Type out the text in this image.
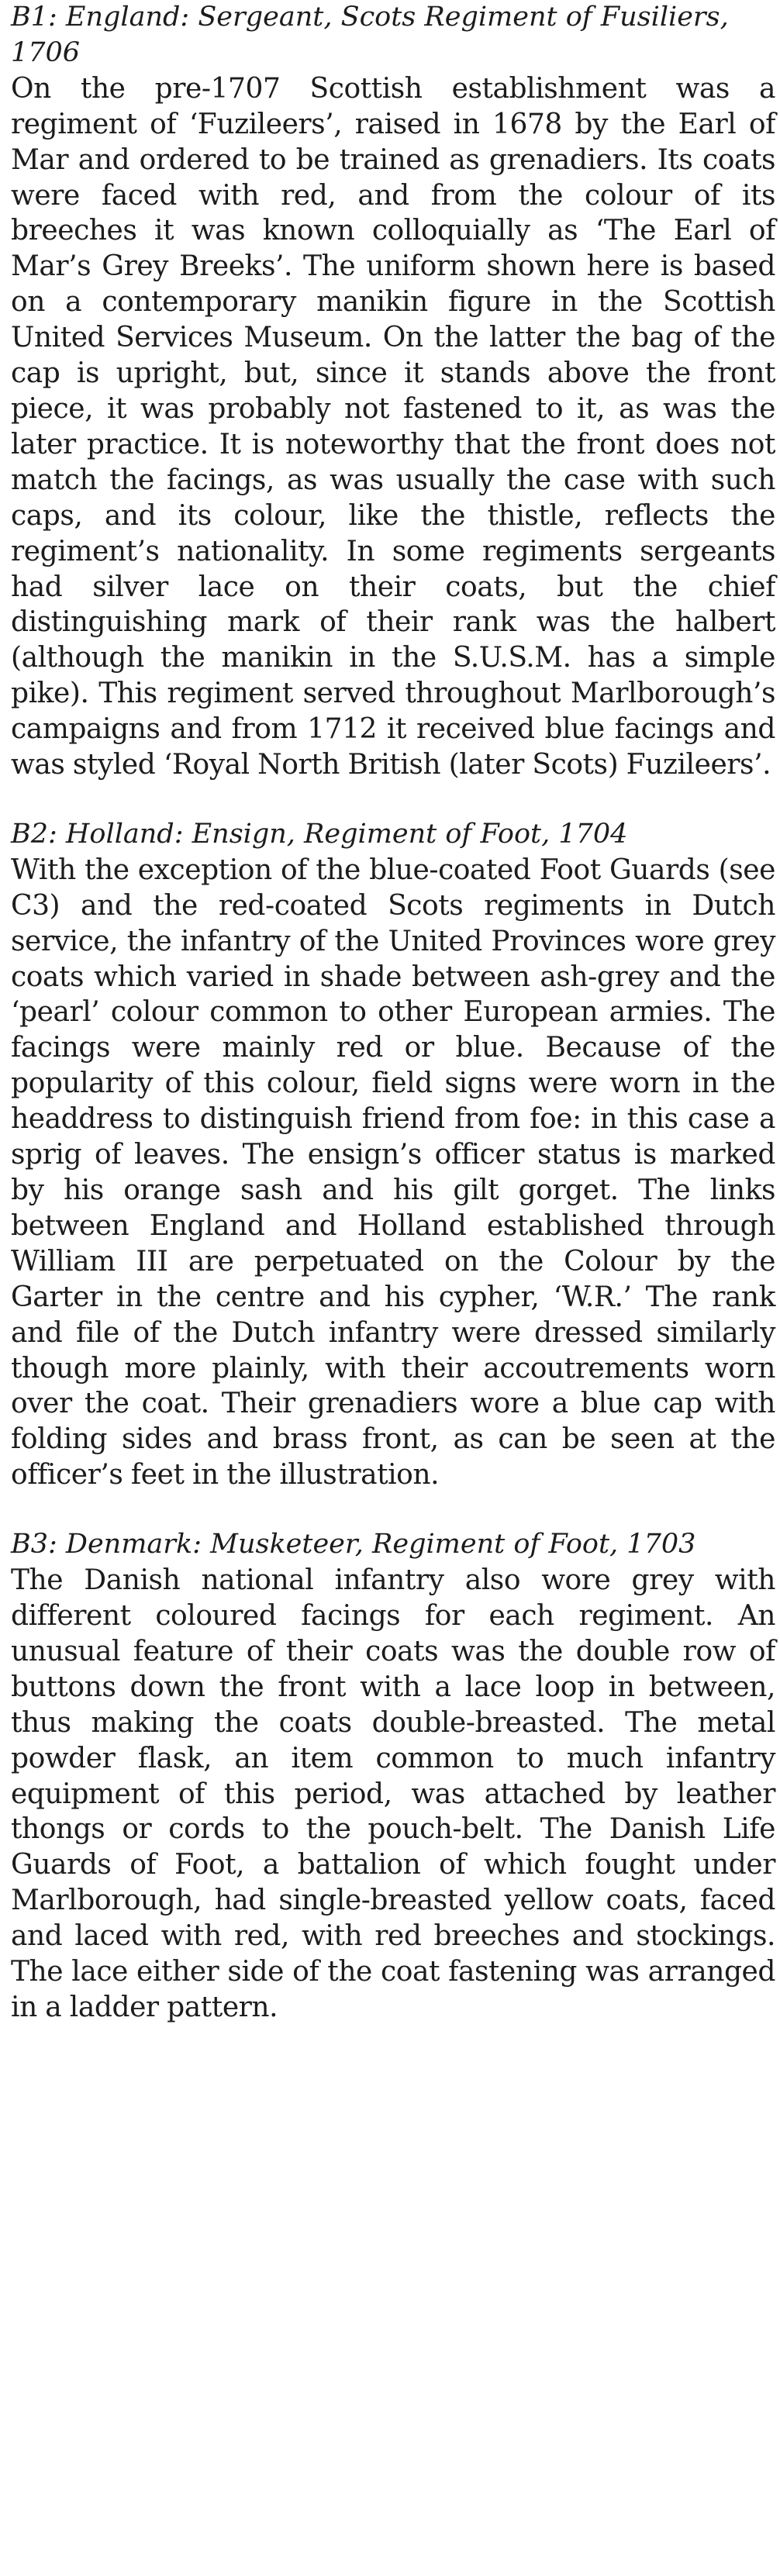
B1: England: Sergeant, Scots Regiment of Fusiliers, 1706

On the pre-1707 Scottish establishment was a regiment of ‘Fuzileers’, raised in 1678 by the Earl of Mar and ordered to be trained as grenadiers. Its coats were faced with red, and from the colour of its breeches it was known colloquially as ‘The Earl of Mar’s Grey Breeks’. The uniform shown here is based on a contemporary manikin figure in the Scottish United Services Museum. On the latter the bag of the cap is upright, but, since it stands above the front piece, it was probably not fastened to it, as was the later practice. It is noteworthy that the front does not match the facings, as was usually the case with such caps, and its colour, like the thistle, reflects the regiment’s nationality. In some regiments sergeants had silver lace on their coats, but the chief distinguishing mark of their rank was the halbert (although the manikin in the S.U.S.M. has a simple pike). This regiment served throughout Marlborough’s campaigns and from 1712 it received blue facings and was styled ‘Royal North British (later Scots) Fuzileers’.

B2: Holland: Ensign, Regiment of Foot, 1704

With the exception of the blue-coated Foot Guards (see C3) and the red-coated Scots regiments in Dutch service, the infantry of the United Provinces wore grey coats which varied in shade between ash-grey and the ‘pearl’ colour common to other European armies. The facings were mainly red or blue. Because of the popularity of this colour, field signs were worn in the headdress to distinguish friend from foe: in this case a sprig of leaves. The ensign’s officer status is marked by his orange sash and his gilt gorget. The links between England and Holland established through William III are perpetuated on the Colour by the Garter in the centre and his cypher, ‘W.R.’ The rank and file of the Dutch infantry were dressed similarly though more plainly, with their accoutrements worn over the coat. Their grenadiers wore a blue cap with folding sides and brass front, as can be seen at the officer’s feet in the illustration.

B3: Denmark: Musketeer, Regiment of Foot, 1703

The Danish national infantry also wore grey with different coloured facings for each regiment. An unusual feature of their coats was the double row of buttons down the front with a lace loop in between, thus making the coats double-breasted. The metal powder flask, an item common to much infantry equipment of this period, was attached by leather thongs or cords to the pouch-belt. The Danish Life Guards of Foot, a battalion of which fought under Marlborough, had single-breasted yellow coats, faced and laced with red, with red breeches and stockings. The lace either side of the coat fastening was arranged in a ladder pattern.
